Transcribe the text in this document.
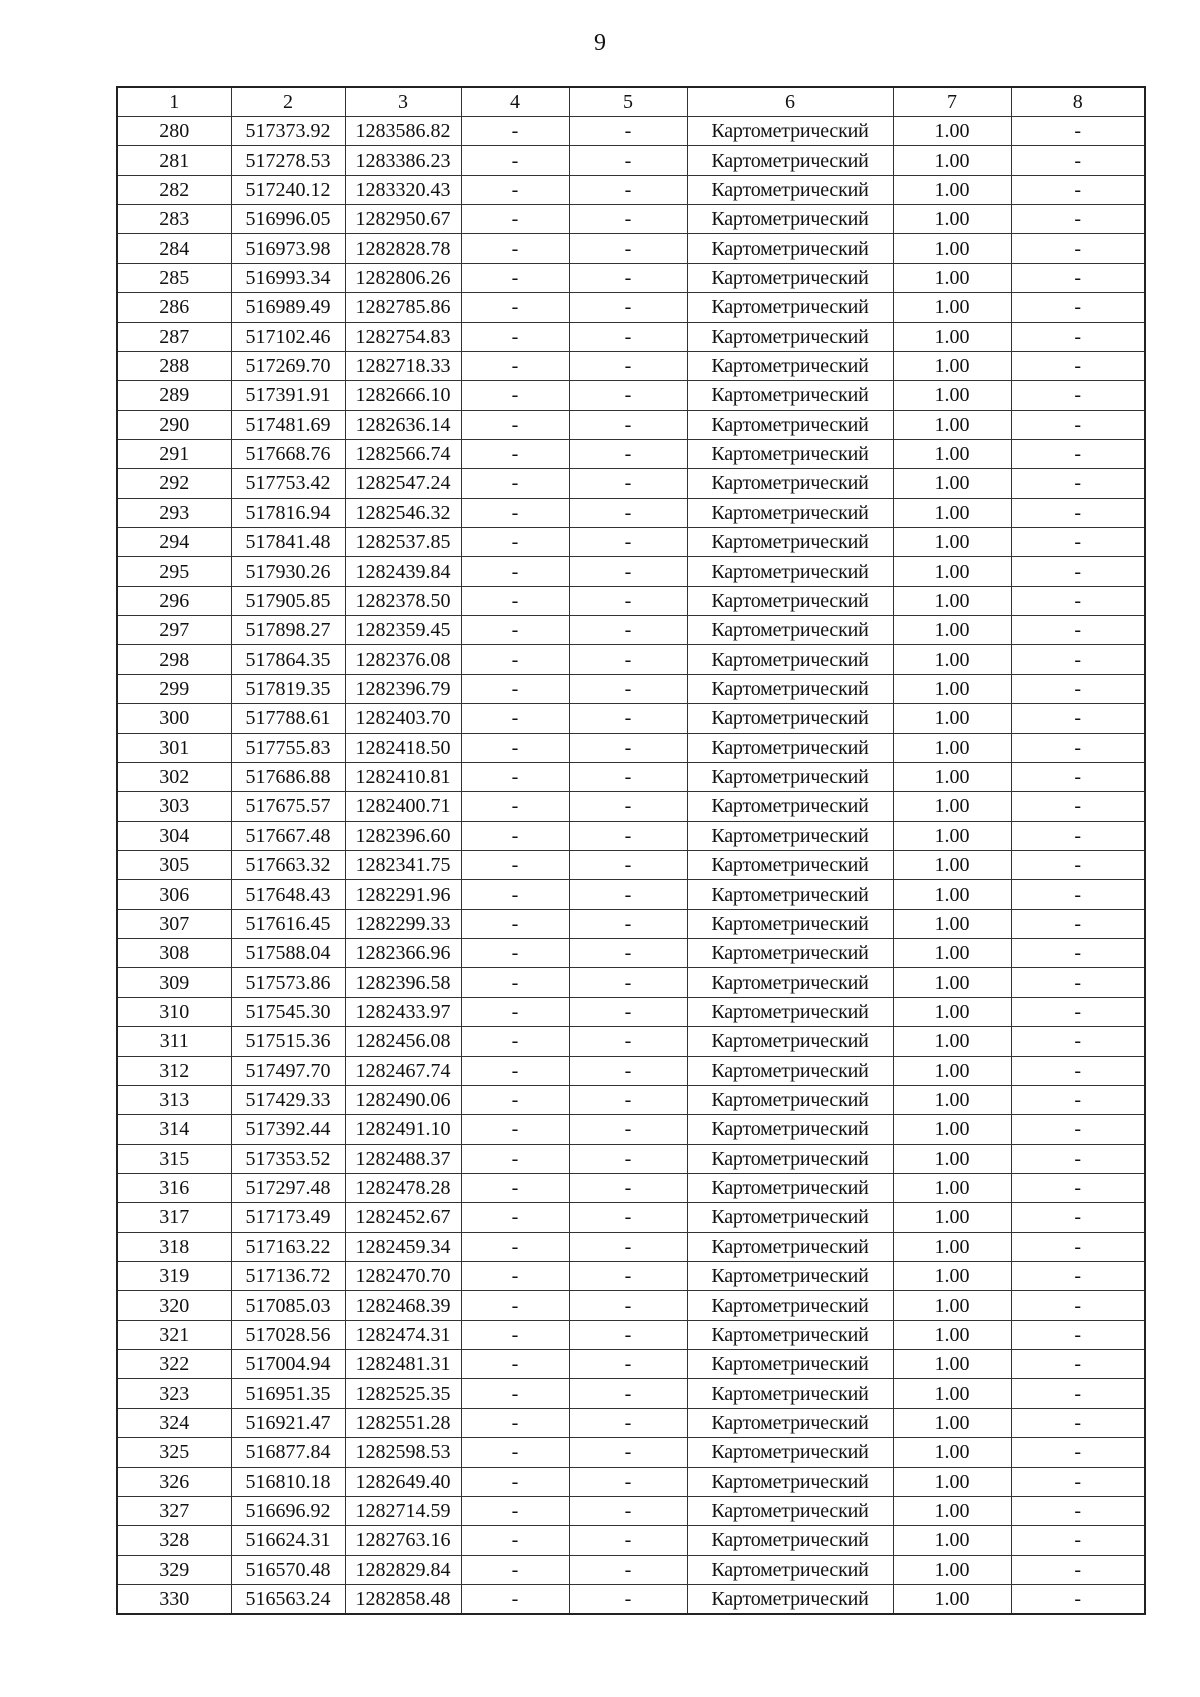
9
1	2	3	4	5	6	7	8
280	517373.92	1283586.82	-	-	Картометрический	1.00	-
281	517278.53	1283386.23	-	-	Картометрический	1.00	-
282	517240.12	1283320.43	-	-	Картометрический	1.00	-
283	516996.05	1282950.67	-	-	Картометрический	1.00	-
284	516973.98	1282828.78	-	-	Картометрический	1.00	-
285	516993.34	1282806.26	-	-	Картометрический	1.00	-
286	516989.49	1282785.86	-	-	Картометрический	1.00	-
287	517102.46	1282754.83	-	-	Картометрический	1.00	-
288	517269.70	1282718.33	-	-	Картометрический	1.00	-
289	517391.91	1282666.10	-	-	Картометрический	1.00	-
290	517481.69	1282636.14	-	-	Картометрический	1.00	-
291	517668.76	1282566.74	-	-	Картометрический	1.00	-
292	517753.42	1282547.24	-	-	Картометрический	1.00	-
293	517816.94	1282546.32	-	-	Картометрический	1.00	-
294	517841.48	1282537.85	-	-	Картометрический	1.00	-
295	517930.26	1282439.84	-	-	Картометрический	1.00	-
296	517905.85	1282378.50	-	-	Картометрический	1.00	-
297	517898.27	1282359.45	-	-	Картометрический	1.00	-
298	517864.35	1282376.08	-	-	Картометрический	1.00	-
299	517819.35	1282396.79	-	-	Картометрический	1.00	-
300	517788.61	1282403.70	-	-	Картометрический	1.00	-
301	517755.83	1282418.50	-	-	Картометрический	1.00	-
302	517686.88	1282410.81	-	-	Картометрический	1.00	-
303	517675.57	1282400.71	-	-	Картометрический	1.00	-
304	517667.48	1282396.60	-	-	Картометрический	1.00	-
305	517663.32	1282341.75	-	-	Картометрический	1.00	-
306	517648.43	1282291.96	-	-	Картометрический	1.00	-
307	517616.45	1282299.33	-	-	Картометрический	1.00	-
308	517588.04	1282366.96	-	-	Картометрический	1.00	-
309	517573.86	1282396.58	-	-	Картометрический	1.00	-
310	517545.30	1282433.97	-	-	Картометрический	1.00	-
311	517515.36	1282456.08	-	-	Картометрический	1.00	-
312	517497.70	1282467.74	-	-	Картометрический	1.00	-
313	517429.33	1282490.06	-	-	Картометрический	1.00	-
314	517392.44	1282491.10	-	-	Картометрический	1.00	-
315	517353.52	1282488.37	-	-	Картометрический	1.00	-
316	517297.48	1282478.28	-	-	Картометрический	1.00	-
317	517173.49	1282452.67	-	-	Картометрический	1.00	-
318	517163.22	1282459.34	-	-	Картометрический	1.00	-
319	517136.72	1282470.70	-	-	Картометрический	1.00	-
320	517085.03	1282468.39	-	-	Картометрический	1.00	-
321	517028.56	1282474.31	-	-	Картометрический	1.00	-
322	517004.94	1282481.31	-	-	Картометрический	1.00	-
323	516951.35	1282525.35	-	-	Картометрический	1.00	-
324	516921.47	1282551.28	-	-	Картометрический	1.00	-
325	516877.84	1282598.53	-	-	Картометрический	1.00	-
326	516810.18	1282649.40	-	-	Картометрический	1.00	-
327	516696.92	1282714.59	-	-	Картометрический	1.00	-
328	516624.31	1282763.16	-	-	Картометрический	1.00	-
329	516570.48	1282829.84	-	-	Картометрический	1.00	-
330	516563.24	1282858.48	-	-	Картометрический	1.00	-
